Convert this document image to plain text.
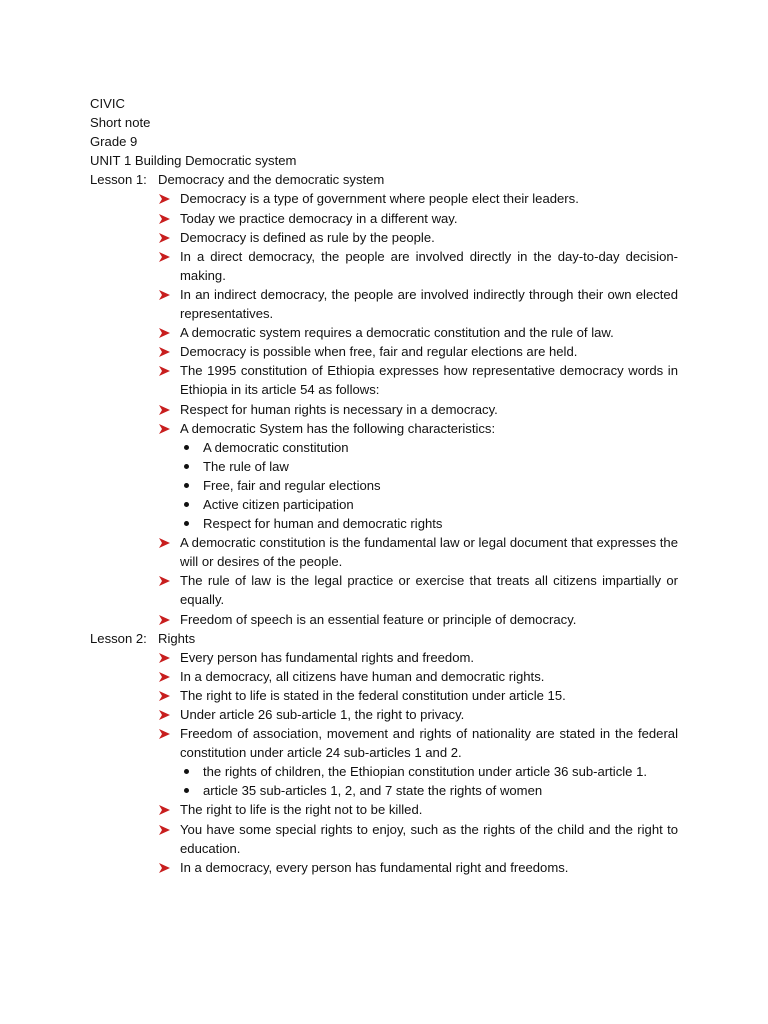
CIVIC
Short note
Grade 9
UNIT 1 Building Democratic system
Lesson 1: Democracy and the democratic system
Democracy is a type of government where people elect their leaders.
Today we practice democracy in a different way.
Democracy is defined as rule by the people.
In a direct democracy, the people are involved directly in the day-to-day decision-making.
In an indirect democracy, the people are involved indirectly through their own elected representatives.
A democratic system requires a democratic constitution and the rule of law.
Democracy is possible when free, fair and regular elections are held.
The 1995 constitution of Ethiopia expresses how representative democracy words in Ethiopia in its article 54 as follows:
Respect for human rights is necessary in a democracy.
A democratic System has the following characteristics:
A democratic constitution
The rule of law
Free, fair and regular elections
Active citizen participation
Respect for human and democratic rights
A democratic constitution is the fundamental law or legal document that expresses the will or desires of the people.
The rule of law is the legal practice or exercise that treats all citizens impartially or equally.
Freedom of speech is an essential feature or principle of democracy.
Lesson 2: Rights
Every person has fundamental rights and freedom.
In a democracy, all citizens have human and democratic rights.
The right to life is stated in the federal constitution under article 15.
Under article 26 sub-article 1, the right to privacy.
Freedom of association, movement and rights of nationality are stated in the federal constitution under article 24 sub-articles 1 and 2.
the rights of children, the Ethiopian constitution under article 36 sub-article 1.
article 35 sub-articles 1, 2, and 7 state the rights of women
The right to life is the right not to be killed.
You have some special rights to enjoy, such as the rights of the child and the right to education.
In a democracy, every person has fundamental right and freedoms.
